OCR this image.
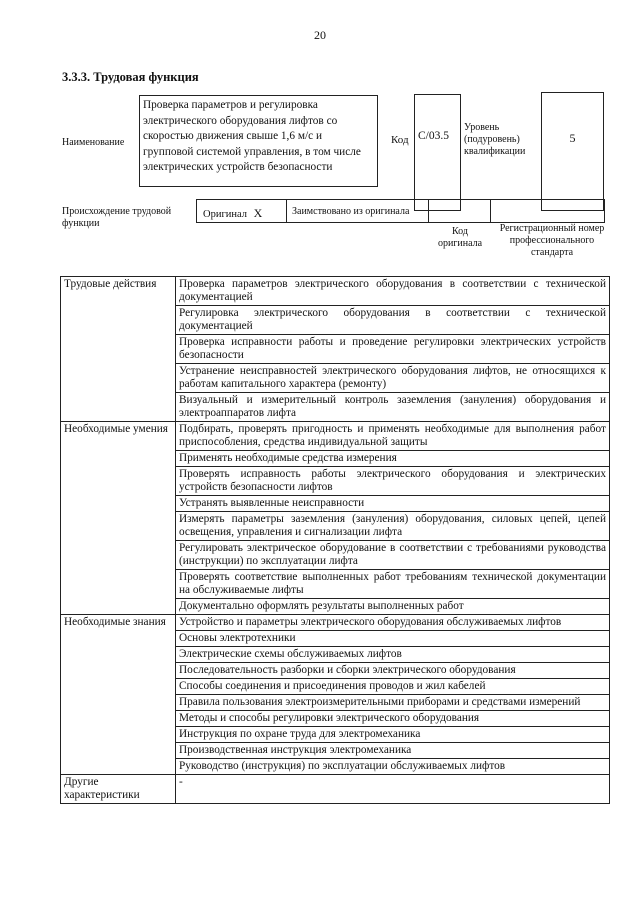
20
3.3.3. Трудовая функция
Наименование
Проверка параметров и регулировка электрического оборудования лифтов со скоростью движения свыше 1,6 м/с и групповой системой управления, в том числе электрических устройств безопасности
Код С/03.5
Уровень (подуровень) квалификации
5
Происхождение трудовой функции
Оригинал X	Заимствовано из оригинала
Код оригинала
Регистрационный номер профессионального стандарта
Трудовые действия	Проверка параметров электрического оборудования в соответствии с технической документацией
	Регулировка электрического оборудования в соответствии с технической документацией
	Проверка исправности работы и проведение регулировки электрических устройств безопасности
	Устранение неисправностей электрического оборудования лифтов, не относящихся к работам капитального характера (ремонту)
	Визуальный и измерительный контроль заземления (зануления) оборудования и электроаппаратов лифта
Необходимые умения	Подбирать, проверять пригодность и применять необходимые для выполнения работ приспособления, средства индивидуальной защиты
	Применять необходимые средства измерения
	Проверять исправность работы электрического оборудования и электрических устройств безопасности лифтов
	Устранять выявленные неисправности
	Измерять параметры заземления (зануления) оборудования, силовых цепей, цепей освещения, управления и сигнализации лифта
	Регулировать электрическое оборудование в соответствии с требованиями руководства (инструкции) по эксплуатации лифта
	Проверять соответствие выполненных работ требованиям технической документации на обслуживаемые лифты
	Документально оформлять результаты выполненных работ
Необходимые знания	Устройство и параметры электрического оборудования обслуживаемых лифтов
	Основы электротехники
	Электрические схемы обслуживаемых лифтов
	Последовательность разборки и сборки электрического оборудования
	Способы соединения и присоединения проводов и жил кабелей
	Правила пользования электроизмерительными приборами и средствами измерений
	Методы и способы регулировки электрического оборудования
	Инструкция по охране труда для электромеханика
	Производственная инструкция электромеханика
	Руководство (инструкция) по эксплуатации обслуживаемых лифтов
Другие характеристики	-
